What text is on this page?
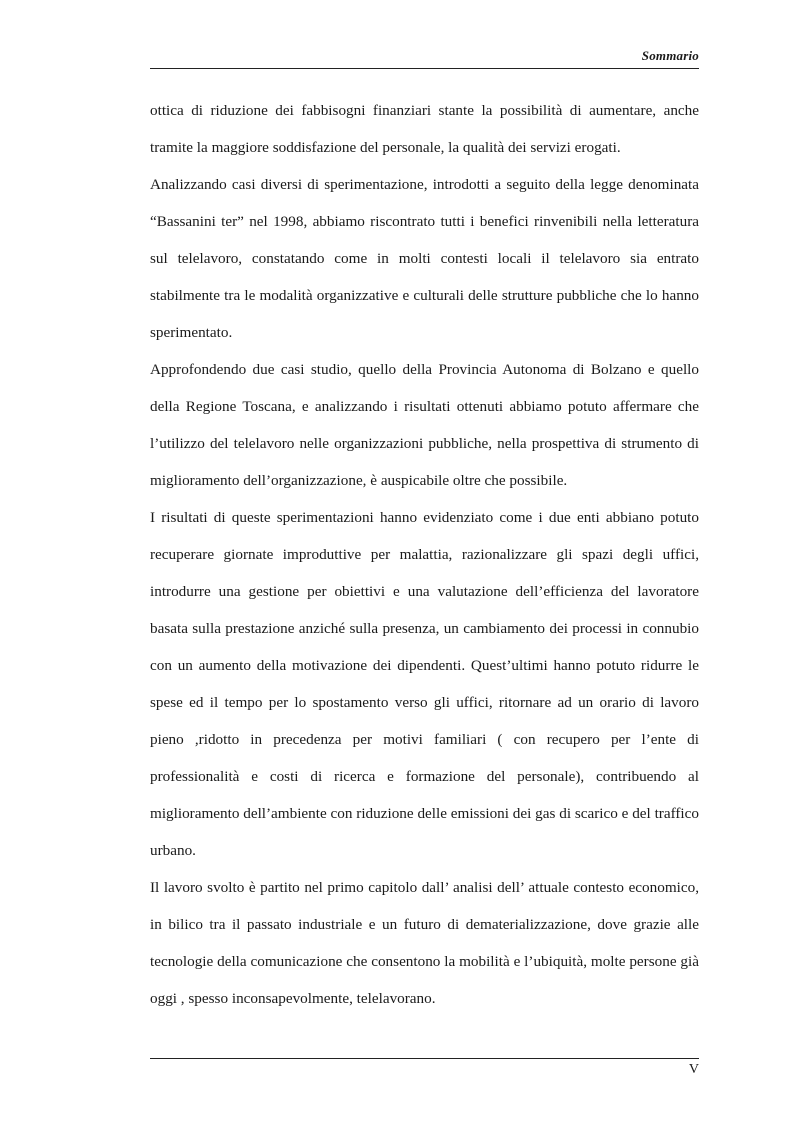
Sommario

ottica di riduzione dei fabbisogni finanziari stante la possibilità di aumentare, anche tramite la maggiore soddisfazione del personale, la qualità dei servizi erogati.

Analizzando casi diversi di sperimentazione, introdotti a seguito della legge denominata “Bassanini ter” nel 1998, abbiamo riscontrato tutti i benefici rinvenibili nella letteratura sul telelavoro, constatando come in molti contesti locali il telelavoro sia entrato stabilmente tra le modalità organizzative e culturali delle strutture pubbliche che lo hanno sperimentato.

Approfondendo due casi studio, quello della Provincia Autonoma di Bolzano e quello della Regione Toscana, e analizzando i risultati ottenuti abbiamo potuto affermare che l’utilizzo del telelavoro nelle organizzazioni pubbliche, nella prospettiva di strumento di miglioramento dell’organizzazione, è auspicabile oltre che possibile.

I risultati di queste sperimentazioni hanno evidenziato come i due enti abbiano potuto recuperare giornate improduttive per malattia, razionalizzare gli spazi degli uffici, introdurre una gestione per obiettivi e una valutazione dell’efficienza del lavoratore basata sulla prestazione anziché sulla presenza, un cambiamento dei processi in connubio con un aumento della motivazione dei dipendenti. Quest’ultimi hanno potuto ridurre le spese ed il tempo per lo spostamento verso gli uffici, ritornare ad un orario di lavoro pieno ,ridotto in precedenza per motivi familiari ( con recupero per l’ente di professionalità e costi di ricerca e formazione del personale), contribuendo al miglioramento dell’ambiente con riduzione delle emissioni dei gas di scarico e del traffico urbano.

Il lavoro svolto è partito nel primo capitolo dall’ analisi dell’ attuale contesto economico, in bilico tra il passato industriale e un futuro di dematerializzazione, dove grazie alle tecnologie della comunicazione che consentono la mobilità e l’ubiquità, molte persone già oggi , spesso inconsapevolmente, telelavorano.

V
